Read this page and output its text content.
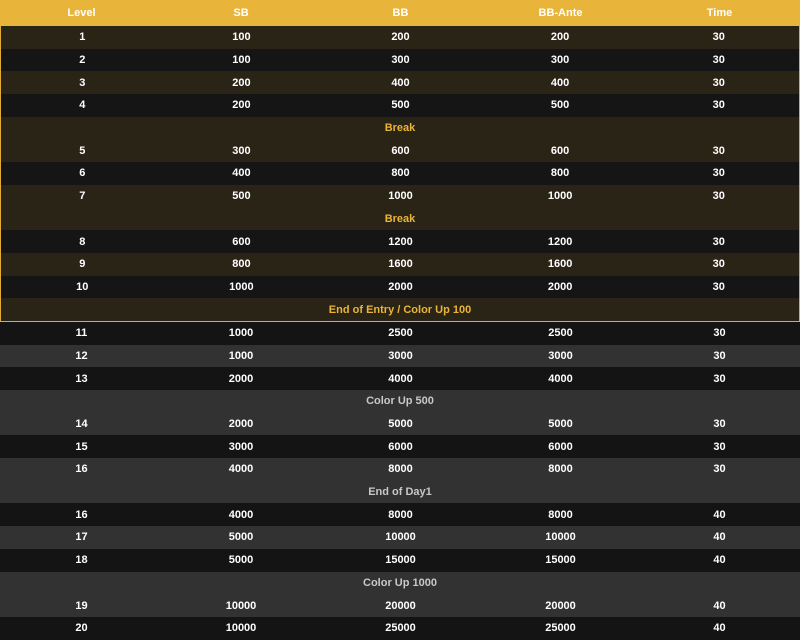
Level	SB	BB	BB-Ante	Time
1	100	200	200	30
2	100	300	300	30
3	200	400	400	30
4	200	500	500	30
Break
5	300	600	600	30
6	400	800	800	30
7	500	1000	1000	30
Break
8	600	1200	1200	30
9	800	1600	1600	30
10	1000	2000	2000	30
End of Entry / Color Up 100
11	1000	2500	2500	30
12	1000	3000	3000	30
13	2000	4000	4000	30
Color Up 500
14	2000	5000	5000	30
15	3000	6000	6000	30
16	4000	8000	8000	30
End of Day1
16	4000	8000	8000	40
17	5000	10000	10000	40
18	5000	15000	15000	40
Color Up 1000
19	10000	20000	20000	40
20	10000	25000	25000	40
